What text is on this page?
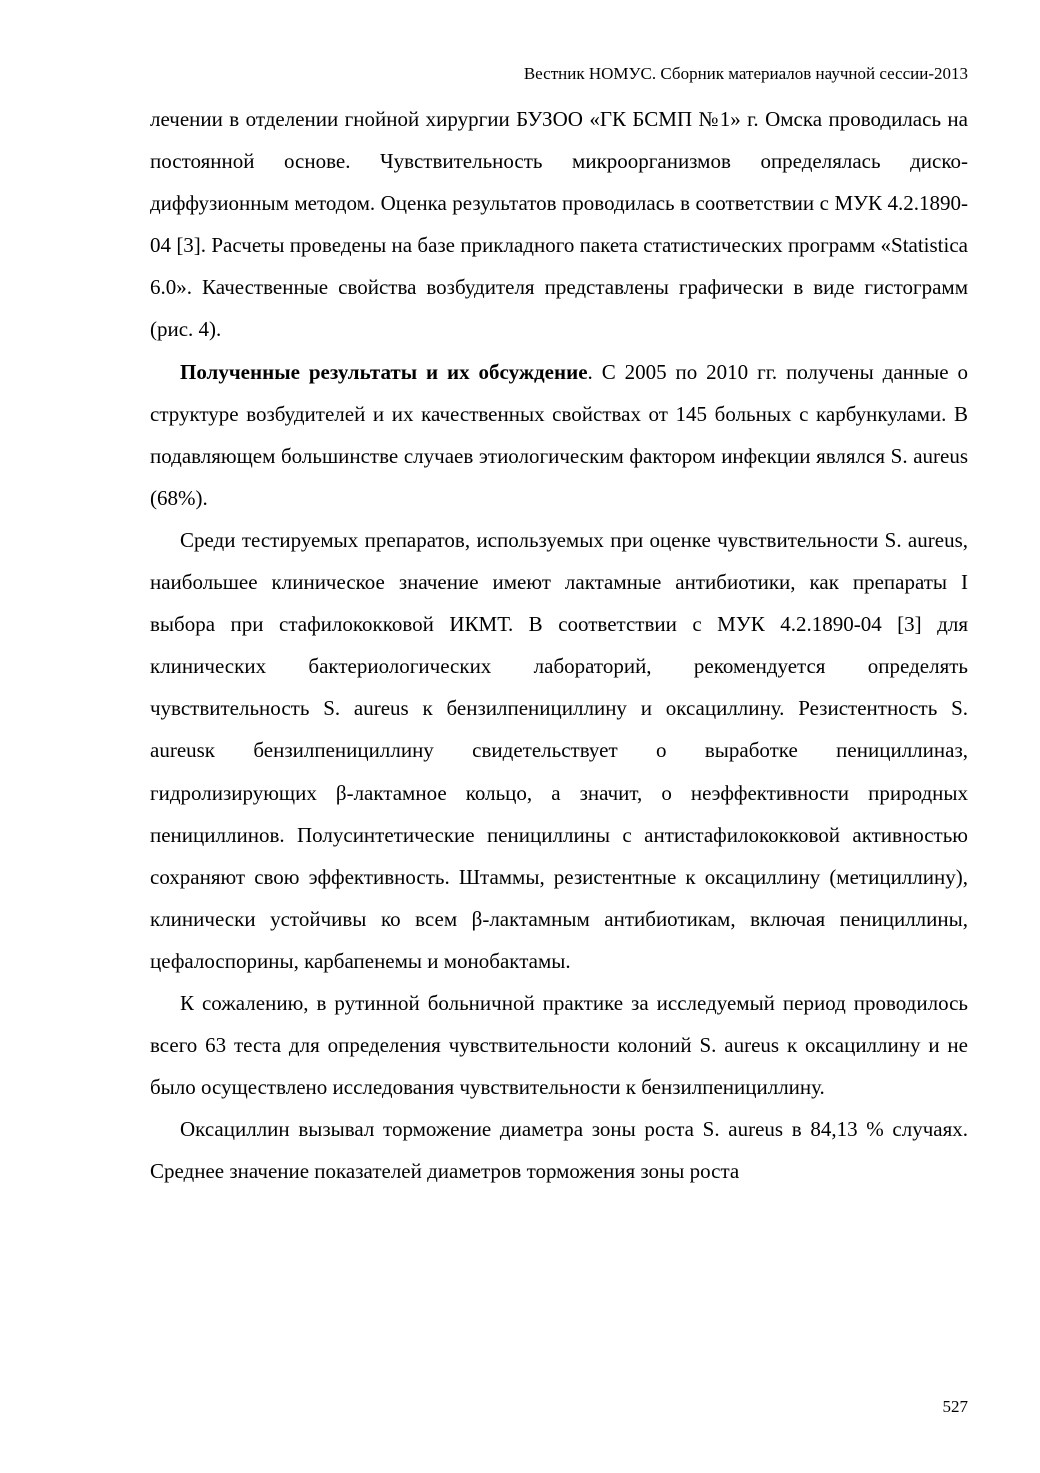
Вестник НОМУС. Сборник материалов научной сессии-2013

лечении в отделении гнойной хирургии БУЗОО «ГК БСМП №1» г. Омска проводилась на постоянной основе. Чувствительность микроорганизмов определялась диско-диффузионным методом. Оценка результатов проводилась в соответствии с МУК 4.2.1890-04 [3]. Расчеты проведены на базе прикладного пакета статистических программ «Statistica 6.0». Качественные свойства возбудителя представлены графически в виде гистограмм (рис. 4).

Полученные результаты и их обсуждение. С 2005 по 2010 гг. получены данные о структуре возбудителей и их качественных свойствах от 145 больных с карбункулами. В подавляющем большинстве случаев этиологическим фактором инфекции являлся S. aureus (68%).

Среди тестируемых препаратов, используемых при оценке чувствительности S. aureus, наибольшее клиническое значение имеют лактамные антибиотики, как препараты I выбора при стафилококковой ИКМТ. В соответствии с МУК 4.2.1890-04 [3] для клинических бактериологических лабораторий, рекомендуется определять чувствительность S. aureus к бензилпенициллину и оксациллину. Резистентность S. aureusк бензилпенициллину свидетельствует о выработке пенициллиназ, гидролизирующих β-лактамное кольцо, а значит, о неэффективности природных пенициллинов. Полусинтетические пенициллины с антистафилококковой активностью сохраняют свою эффективность. Штаммы, резистентные к оксациллину (метициллину), клинически устойчивы ко всем β-лактамным антибиотикам, включая пенициллины, цефалоспорины, карбапенемы и монобактамы.

К сожалению, в рутинной больничной практике за исследуемый период проводилось всего 63 теста для определения чувствительности колоний S. aureus к оксациллину и не было осуществлено исследования чувствительности к бензилпенициллину.

Оксациллин вызывал торможение диаметра зоны роста S. aureus в 84,13 % случаях. Среднее значение показателей диаметров торможения зоны роста

527
